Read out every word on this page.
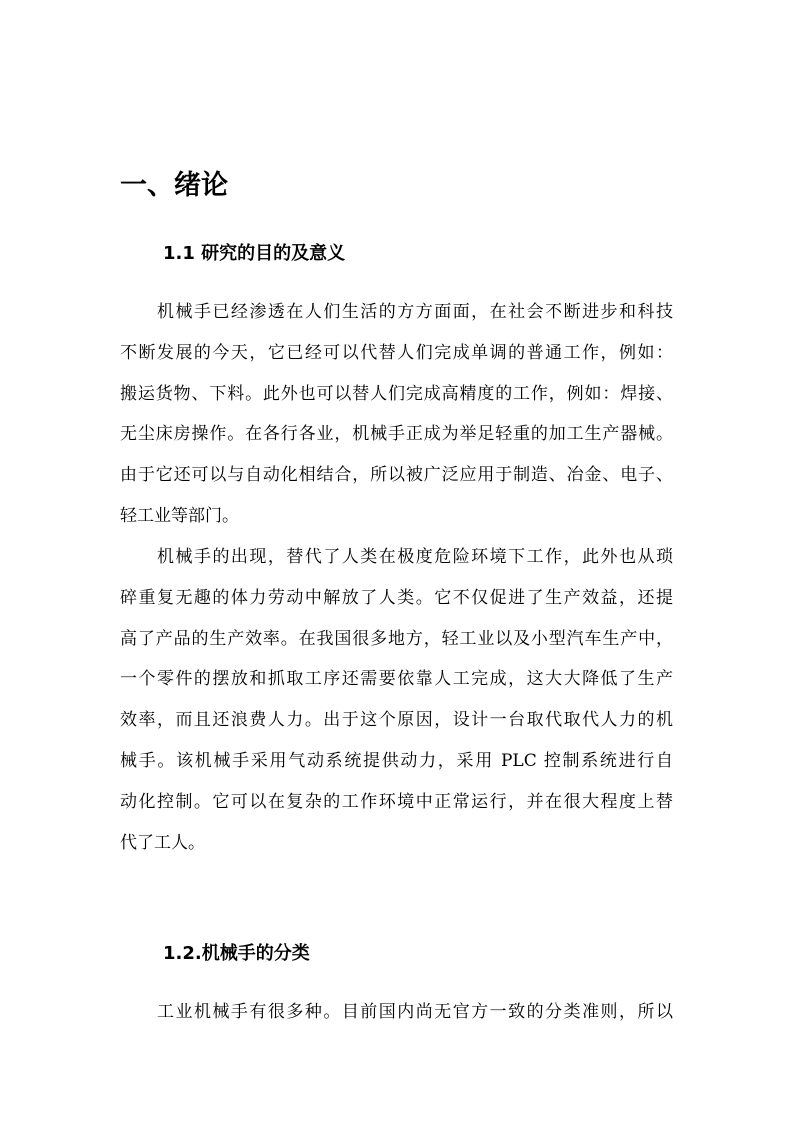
一、绪论
1.1 研究的目的及意义

机械手已经渗透在人们生活的方方面面，在社会不断进步和科技
不断发展的今天，它已经可以代替人们完成单调的普通工作，例如：
搬运货物、下料。此外也可以替人们完成高精度的工作，例如：焊接、
无尘床房操作。在各行各业，机械手正成为举足轻重的加工生产器械。
由于它还可以与自动化相结合，所以被广泛应用于制造、冶金、电子、
轻工业等部门。

机械手的出现，替代了人类在极度危险环境下工作，此外也从琐
碎重复无趣的体力劳动中解放了人类。它不仅促进了生产效益，还提
高了产品的生产效率。在我国很多地方，轻工业以及小型汽车生产中，
一个零件的摆放和抓取工序还需要依靠人工完成，这大大降低了生产
效率，而且还浪费人力。出于这个原因，设计一台取代取代人力的机
械手。该机械手采用气动系统提供动力，采用 PLC 控制系统进行自
动化控制。它可以在复杂的工作环境中正常运行，并在很大程度上替
代了工人。

1.2.机械手的分类

工业机械手有很多种。目前国内尚无官方一致的分类准则，所以
